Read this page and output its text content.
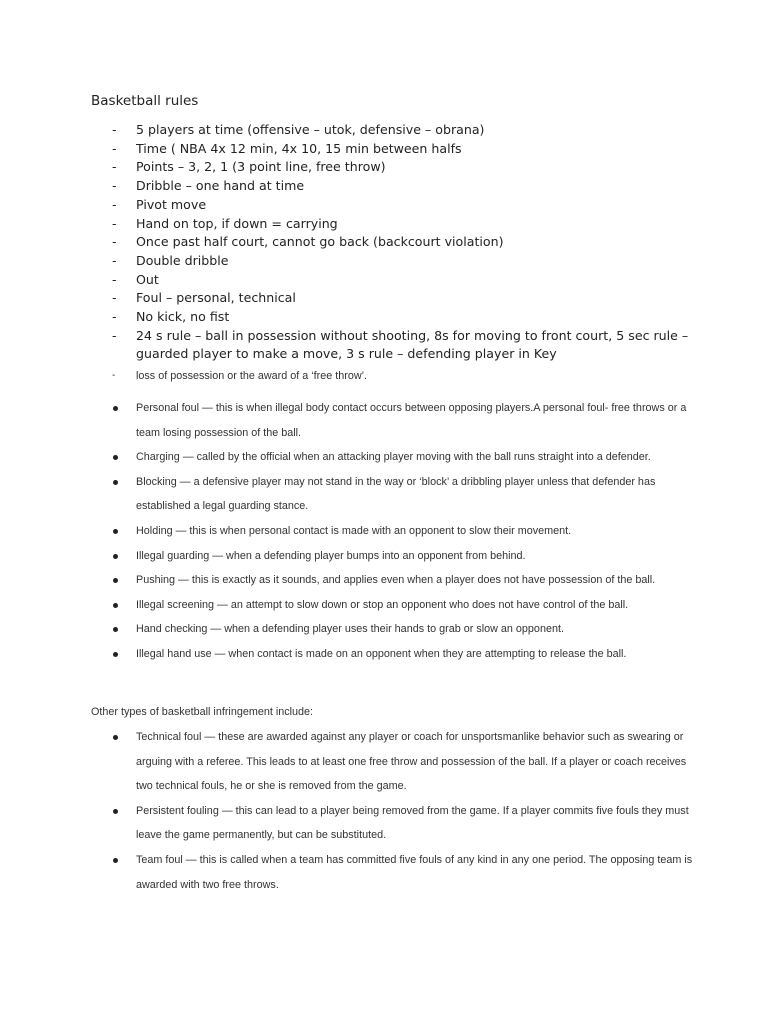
Basketball rules
- 5 players at time (offensive – utok, defensive – obrana)
- Time ( NBA 4x 12 min, 4x 10, 15 min between halfs
- Points – 3, 2, 1 (3 point line, free throw)
- Dribble – one hand at time
- Pivot move
- Hand on top, if down = carrying
- Once past half court, cannot go back (backcourt violation)
- Double dribble
- Out
- Foul – personal, technical
- No kick, no fist
- 24 s rule – ball in possession without shooting, 8s for moving to front court, 5 sec rule – guarded player to make a move, 3 s rule – defending player in Key
- loss of possession or the award of a ‘free throw’.
Personal foul — this is when illegal body contact occurs between opposing players.A personal foul- free throws or a team losing possession of the ball.
Charging — called by the official when an attacking player moving with the ball runs straight into a defender.
Blocking — a defensive player may not stand in the way or ‘block’ a dribbling player unless that defender has established a legal guarding stance.
Holding — this is when personal contact is made with an opponent to slow their movement.
Illegal guarding — when a defending player bumps into an opponent from behind.
Pushing — this is exactly as it sounds, and applies even when a player does not have possession of the ball.
Illegal screening — an attempt to slow down or stop an opponent who does not have control of the ball.
Hand checking — when a defending player uses their hands to grab or slow an opponent.
Illegal hand use — when contact is made on an opponent when they are attempting to release the ball.
Other types of basketball infringement include:
Technical foul — these are awarded against any player or coach for unsportsmanlike behavior such as swearing or arguing with a referee. This leads to at least one free throw and possession of the ball. If a player or coach receives two technical fouls, he or she is removed from the game.
Persistent fouling — this can lead to a player being removed from the game. If a player commits five fouls they must leave the game permanently, but can be substituted.
Team foul — this is called when a team has committed five fouls of any kind in any one period. The opposing team is awarded with two free throws.
